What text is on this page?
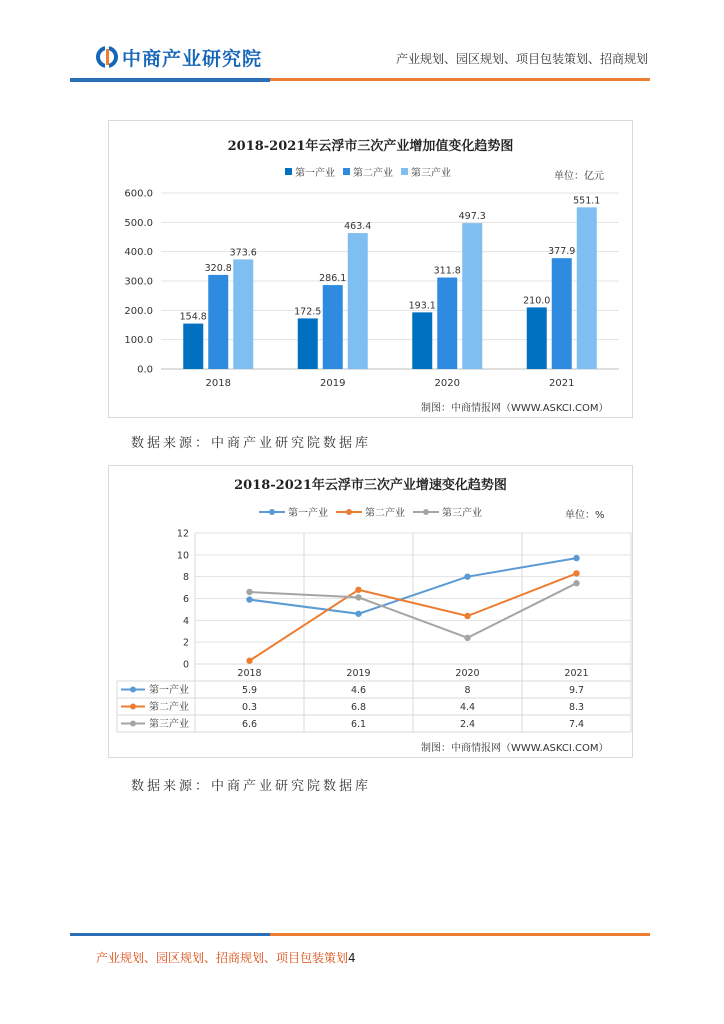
中商产业研究院	产业规划、园区规划、项目包装策划、招商规划
2018-2021年云浮市三次产业增加值变化趋势图
第一产业 第二产业 第三产业	单位：亿元
0.0
100.0
200.0
300.0
400.0
500.0
600.0
154.8
320.8
373.6
2018
172.5
286.1
463.4
2019
193.1
311.8
497.3
2020
210.0
377.9
551.1
2021
制图：中商情报网（WWW.ASKCI.COM）
数据来源：中商产业研究院数据库
2018-2021年云浮市三次产业增速变化趋势图
第一产业	第二产业	第三产业	单位：%
0
2
4
6
8
10
12
2018	2019	2020	2021
第一产业	5.9	4.6	8	9.7
第二产业	0.3	6.8	4.4	8.3
第三产业	6.6	6.1	2.4	7.4
制图：中商情报网（WWW.ASKCI.COM）
数据来源：中商产业研究院数据库
产业规划、园区规划、招商规划、项目包装策划4
